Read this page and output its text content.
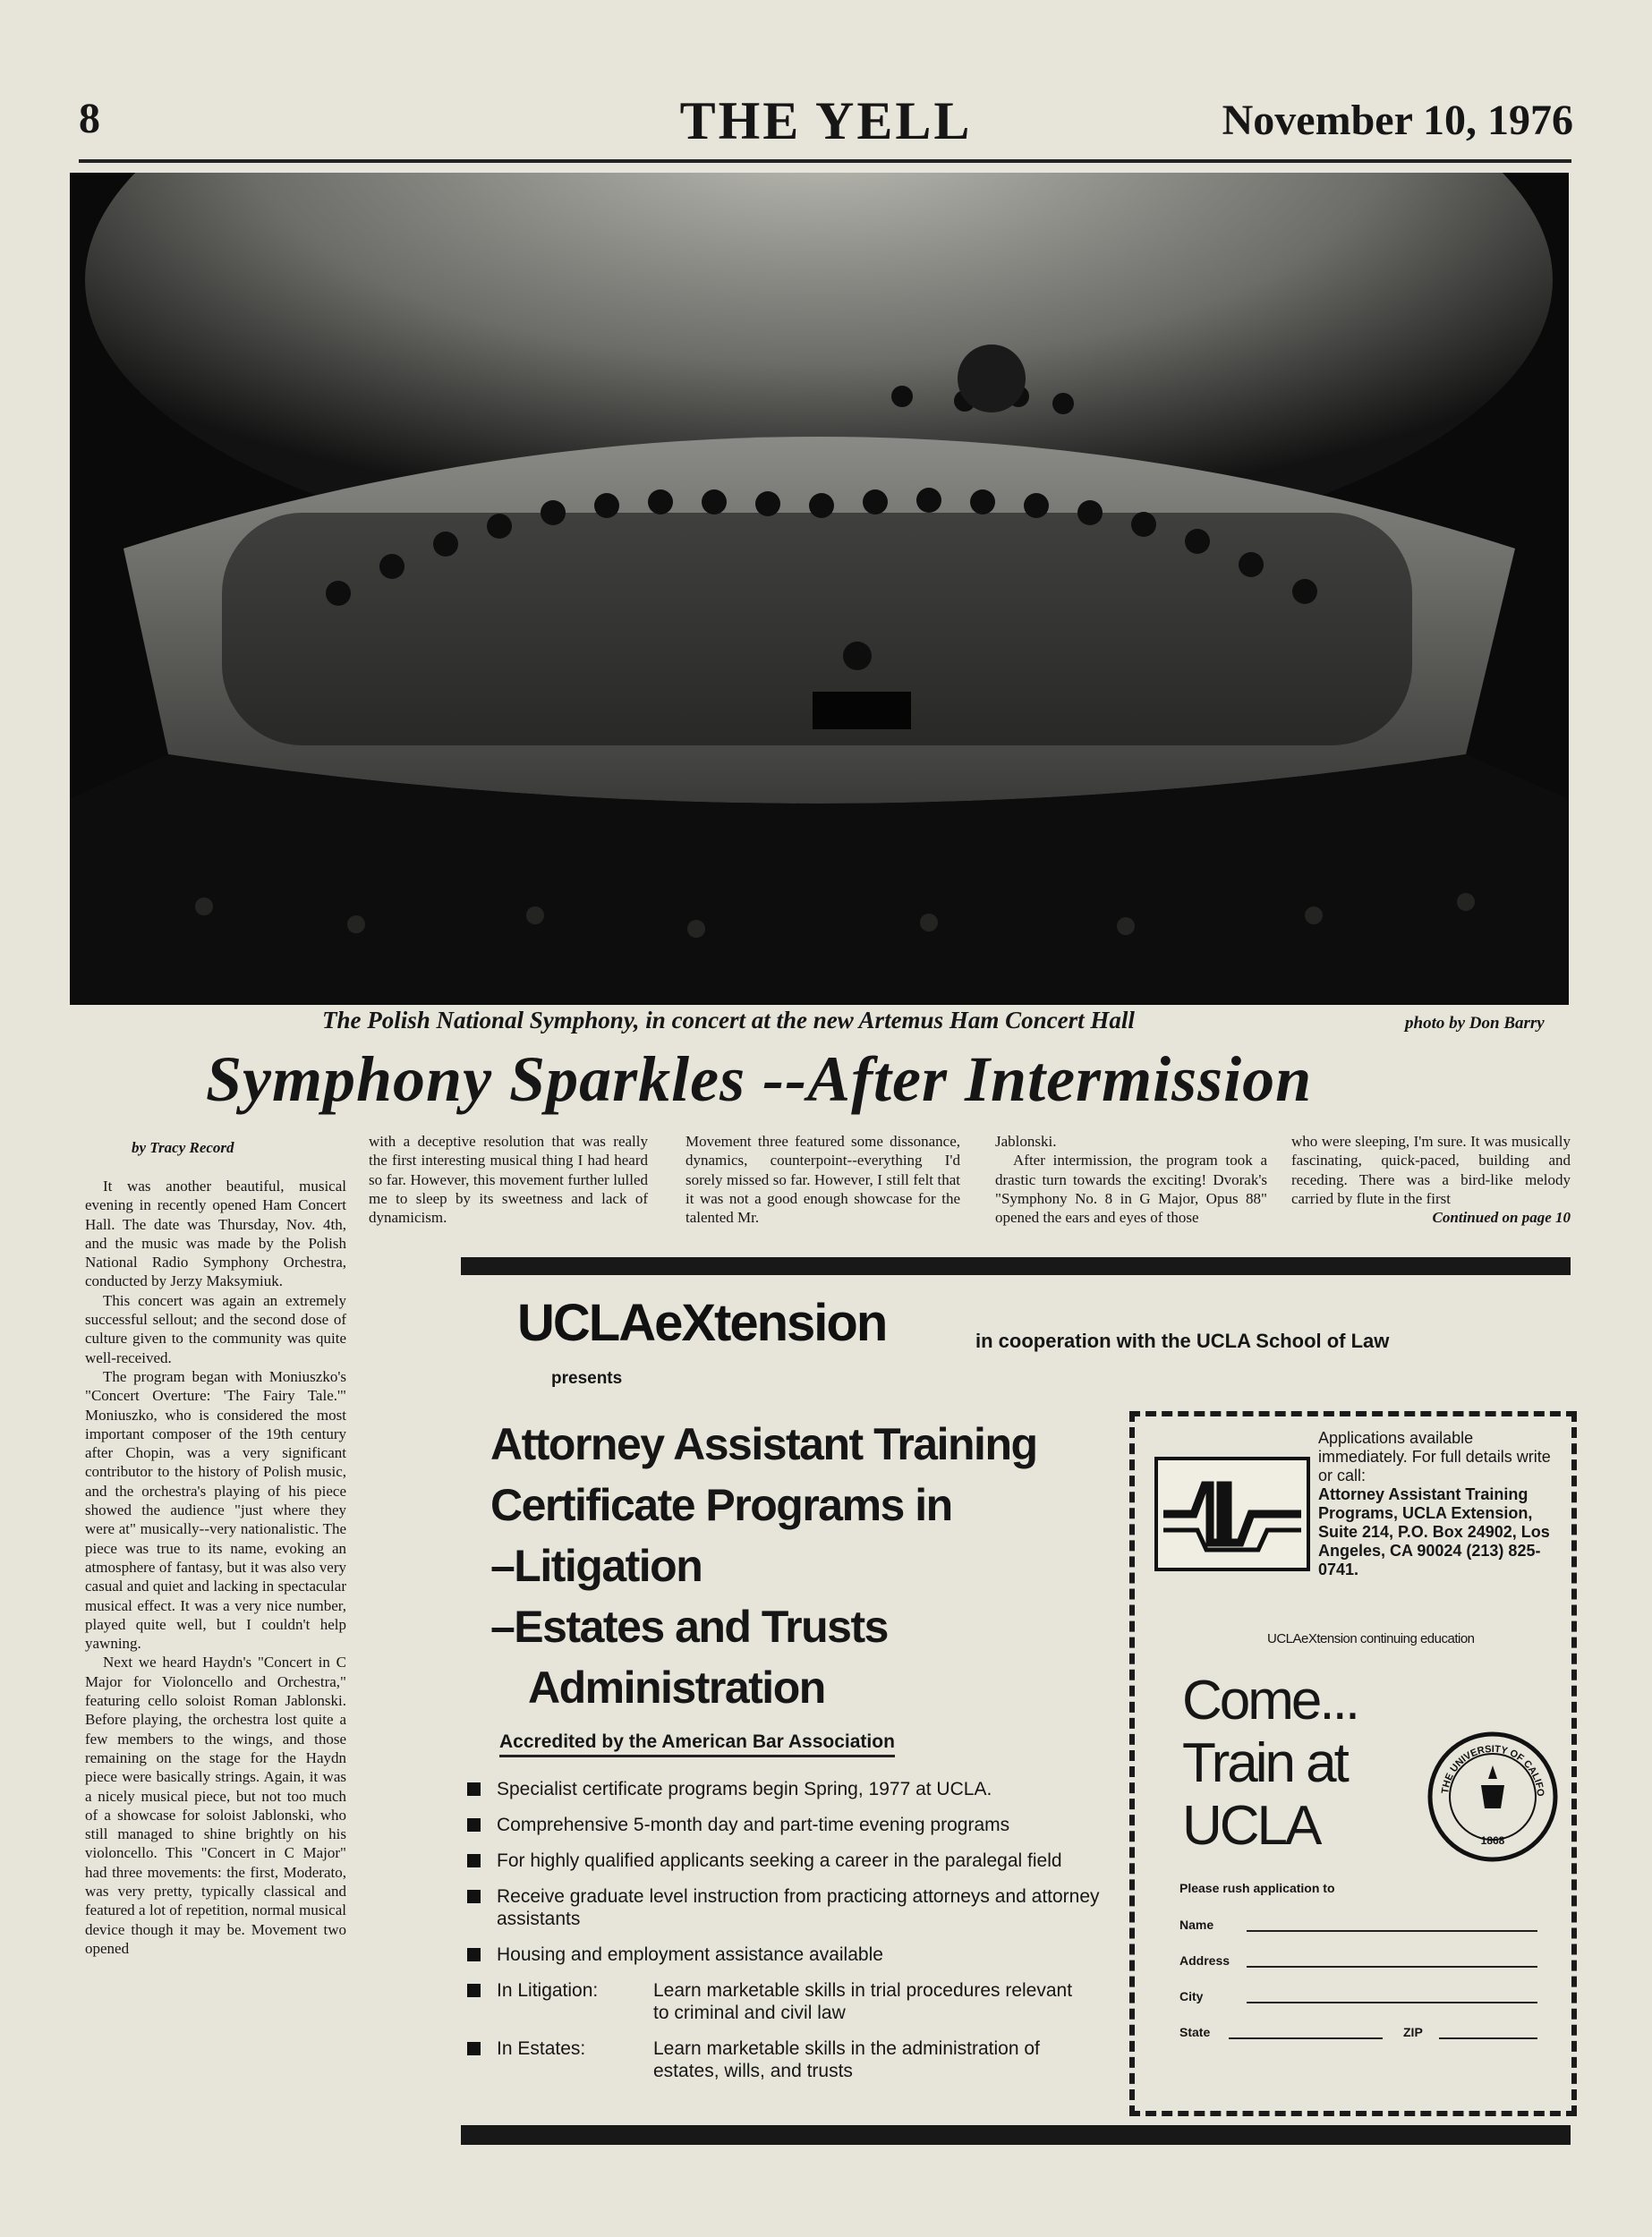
8	THE YELL	November 10, 1976
The Polish National Symphony, in concert at the new Artemus Ham Concert Hall	photo by Don Barry
Symphony Sparkles --After Intermission
by Tracy Record

It was another beautiful, musical evening in recently opened Ham Concert Hall. The date was Thursday, Nov. 4th, and the music was made by the Polish National Radio Symphony Orchestra, conducted by Jerzy Maksymiuk.

This concert was again an extremely successful sellout; and the second dose of culture given to the community was quite well-received.

The program began with Moniuszko's "Concert Overture: 'The Fairy Tale.'" Moniuszko, who is considered the most important composer of the 19th century after Chopin, was a very significant contributor to the history of Polish music, and the orchestra's playing of his piece showed the audience "just where they were at" musically--very nationalistic. The piece was true to its name, evoking an atmosphere of fantasy, but it was also very casual and quiet and lacking in spectacular musical effect. It was a very nice number, played quite well, but I couldn't help yawning.

Next we heard Haydn's "Concert in C Major for Violoncello and Orchestra," featuring cello soloist Roman Jablonski. Before playing, the orchestra lost quite a few members to the wings, and those remaining on the stage for the Haydn piece were basically strings. Again, it was a nicely musical piece, but not too much of a showcase for soloist Jablonski, who still managed to shine brightly on his violoncello. This "Concert in C Major" had three movements: the first, Moderato, was very pretty, typically classical and featured a lot of repetition, normal musical device though it may be. Movement two opened

with a deceptive resolution that was really the first interesting musical thing I had heard so far. However, this movement further lulled me to sleep by its sweetness and lack of dynamicism.

Movement three featured some dissonance, dynamics, counterpoint--everything I'd sorely missed so far. However, I still felt that it was not a good enough showcase for the talented Mr.

Jablonski.

After intermission, the program took a drastic turn towards the exciting! Dvorak's "Symphony No. 8 in G Major, Opus 88" opened the ears and eyes of those

who were sleeping, I'm sure. It was musically fascinating, quick-paced, building and receding. There was a bird-like melody carried by flute in the first

Continued on page 10
UCLAeXtension	in cooperation with the UCLA School of Law
presents
Attorney Assistant Training
Certificate Programs in
–Litigation
–Estates and Trusts
Administration
Accredited by the American Bar Association
Specialist certificate programs begin Spring, 1977 at UCLA.
Comprehensive 5-month day and part-time evening programs
For highly qualified applicants seeking a career in the paralegal field
Receive graduate level instruction from practicing attorneys and attorney assistants
Housing and employment assistance available
In Litigation:	Learn marketable skills in trial procedures relevant to criminal and civil law
In Estates:	Learn marketable skills in the administration of estates, wills, and trusts
Applications available immediately. For full details write or call:
Attorney Assistant Training Programs, UCLA Extension, Suite 214, P.O. Box 24902, Los Angeles, CA 90024 (213) 825-0741.
UCLAeXtension continuing education
Come...
Train at
UCLA
THE UNIVERSITY OF CALIFO
1868
Please rush application to
Name
Address
City
State	ZIP
